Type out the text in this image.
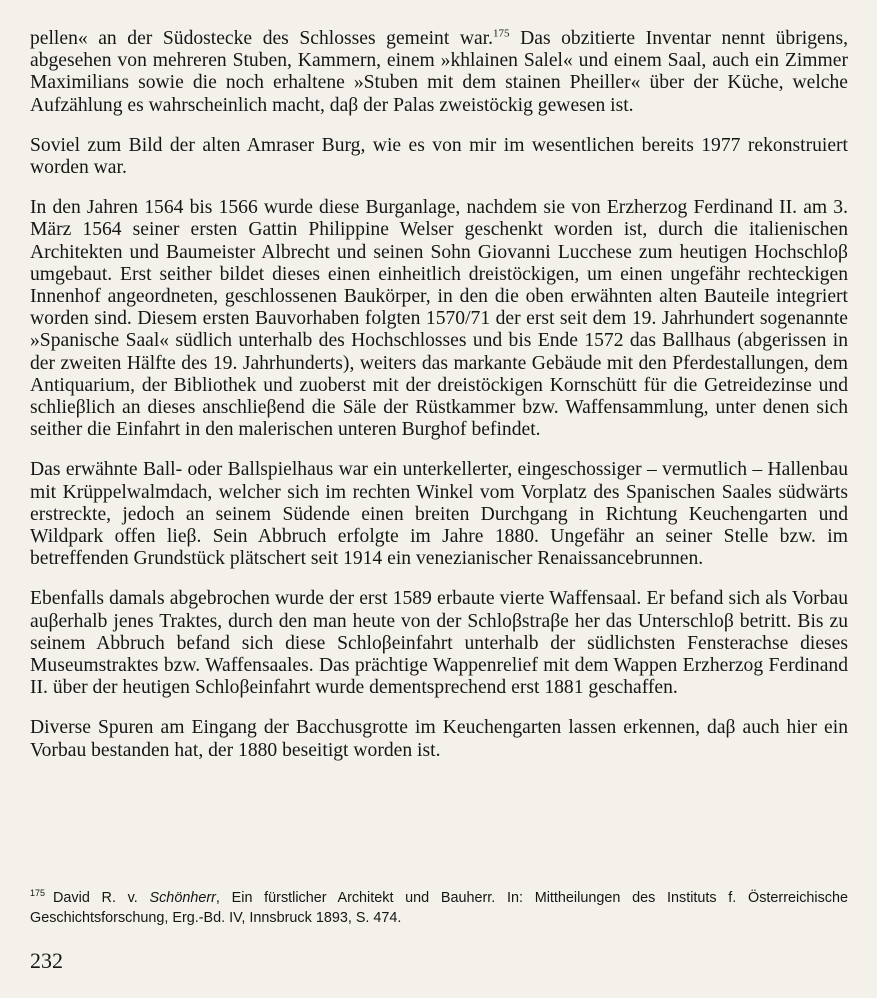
pellen« an der Südostecke des Schlosses gemeint war.$^{175}$ Das obzitierte Inventar nennt übrigens, abgesehen von mehreren Stuben, Kammern, einem »khlainen Salel« und einem Saal, auch ein Zimmer Maximilians sowie die noch erhaltene »Stuben mit dem stainen Pheiller« über der Küche, welche Aufzählung es wahrscheinlich macht, daβ der Palas zweistöckig gewesen ist.

Soviel zum Bild der alten Amraser Burg, wie es von mir im wesentlichen bereits 1977 rekonstruiert worden war.

In den Jahren 1564 bis 1566 wurde diese Burganlage, nachdem sie von Erzherzog Ferdinand II. am 3. März 1564 seiner ersten Gattin Philippine Welser geschenkt worden ist, durch die italienischen Architekten und Baumeister Albrecht und seinen Sohn Giovanni Lucchese zum heutigen Hochschloβ umgebaut. Erst seither bildet dieses einen einheitlich dreistöckigen, um einen ungefähr rechteckigen Innenhof angeordneten, geschlossenen Baukörper, in den die oben erwähnten alten Bauteile integriert worden sind. Diesem ersten Bauvorhaben folgten 1570/71 der erst seit dem 19. Jahrhundert sogenannte »Spanische Saal« südlich unterhalb des Hochschlosses und bis Ende 1572 das Ballhaus (abgerissen in der zweiten Hälfte des 19. Jahrhunderts), weiters das markante Gebäude mit den Pferdestallungen, dem Antiquarium, der Bibliothek und zuoberst mit der dreistöckigen Kornschütt für die Getreidezinse und schlieβlich an dieses anschlieβend die Säle der Rüstkammer bzw. Waffensammlung, unter denen sich seither die Einfahrt in den malerischen unteren Burghof befindet.

Das erwähnte Ball- oder Ballspielhaus war ein unterkellerter, eingeschossiger – vermutlich – Hallenbau mit Krüppelwalmdach, welcher sich im rechten Winkel vom Vorplatz des Spanischen Saales südwärts erstreckte, jedoch an seinem Südende einen breiten Durchgang in Richtung Keuchengarten und Wildpark offen lieβ. Sein Abbruch erfolgte im Jahre 1880. Ungefähr an seiner Stelle bzw. im betreffenden Grundstück plätschert seit 1914 ein venezianischer Renaissancebrunnen.

Ebenfalls damals abgebrochen wurde der erst 1589 erbaute vierte Waffensaal. Er befand sich als Vorbau auβerhalb jenes Traktes, durch den man heute von der Schloβstraβe her das Unterschloβ betritt. Bis zu seinem Abbruch befand sich diese Schloβeinfahrt unterhalb der südlichsten Fensterachse dieses Museumstraktes bzw. Waffensaales. Das prächtige Wappenrelief mit dem Wappen Erzherzog Ferdinand II. über der heutigen Schloβeinfahrt wurde dementsprechend erst 1881 geschaffen.

Diverse Spuren am Eingang der Bacchusgrotte im Keuchengarten lassen erkennen, daβ auch hier ein Vorbau bestanden hat, der 1880 beseitigt worden ist.

$^{175}$ David R. v. Schönherr, Ein fürstlicher Architekt und Bauherr. In: Mittheilungen des Instituts f. Österreichische Geschichtsforschung, Erg.-Bd. IV, Innsbruck 1893, S. 474.
232
